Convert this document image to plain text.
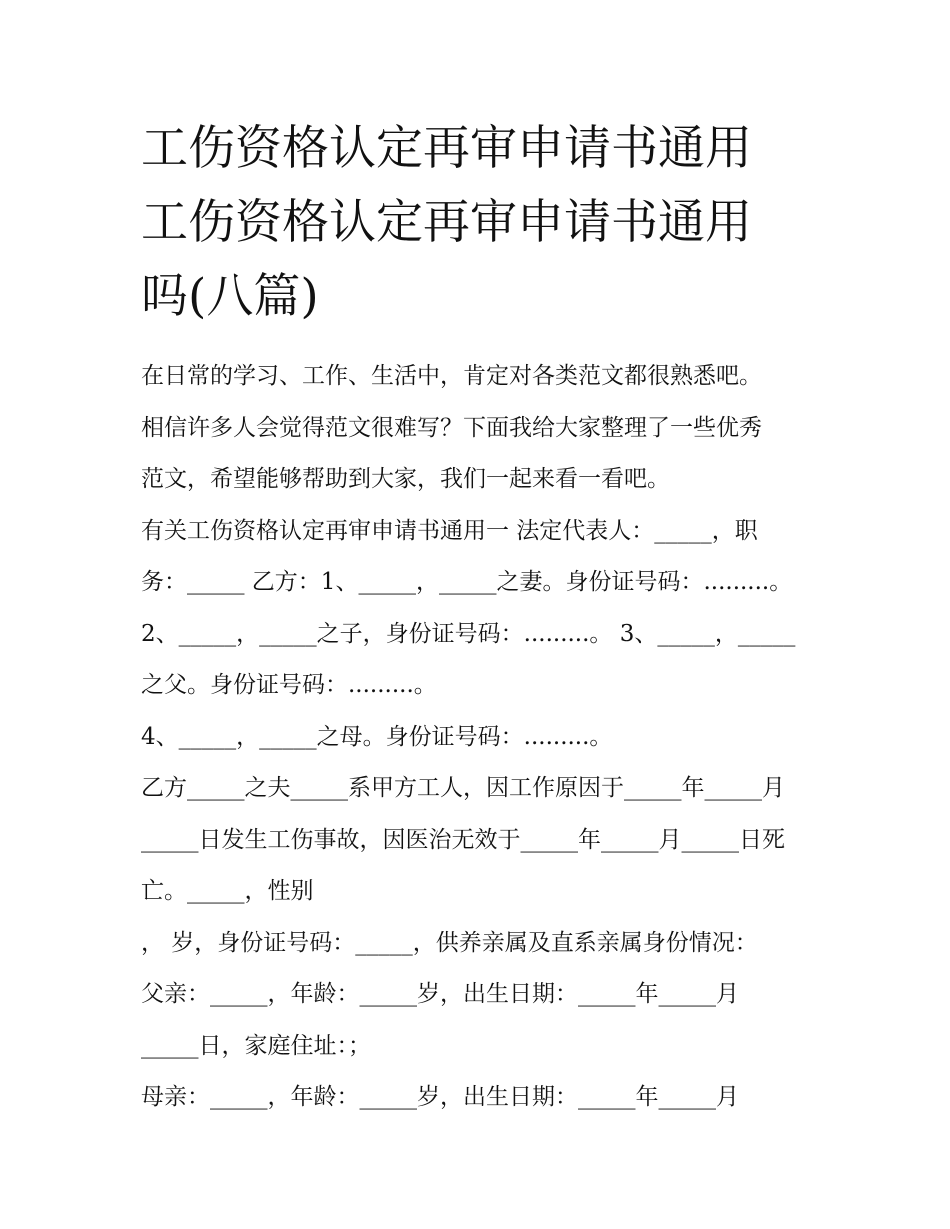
工伤资格认定再审申请书通用
工伤资格认定再审申请书通用
吗(八篇)
在日常的学习、工作、生活中，肯定对各类范文都很熟悉吧。
相信许多人会觉得范文很难写？下面我给大家整理了一些优秀
范文，希望能够帮助到大家，我们一起来看一看吧。
有关工伤资格认定再审申请书通用一 法定代表人：_____，职
务：_____ 乙方：1、_____，_____之妻。身份证号码：.........。
2、_____，_____之子，身份证号码：.........。 3、_____，_____
之父。身份证号码：.........。
4、_____，_____之母。身份证号码：.........。
乙方_____之夫_____系甲方工人，因工作原因于_____年_____月
_____日发生工伤事故，因医治无效于_____年_____月_____日死
亡。_____，性别
， 岁，身份证号码：_____，供养亲属及直系亲属身份情况：
父亲：_____，年龄：_____岁，出生日期：_____年_____月
_____日，家庭住址：；
母亲：_____，年龄：_____岁，出生日期：_____年_____月
